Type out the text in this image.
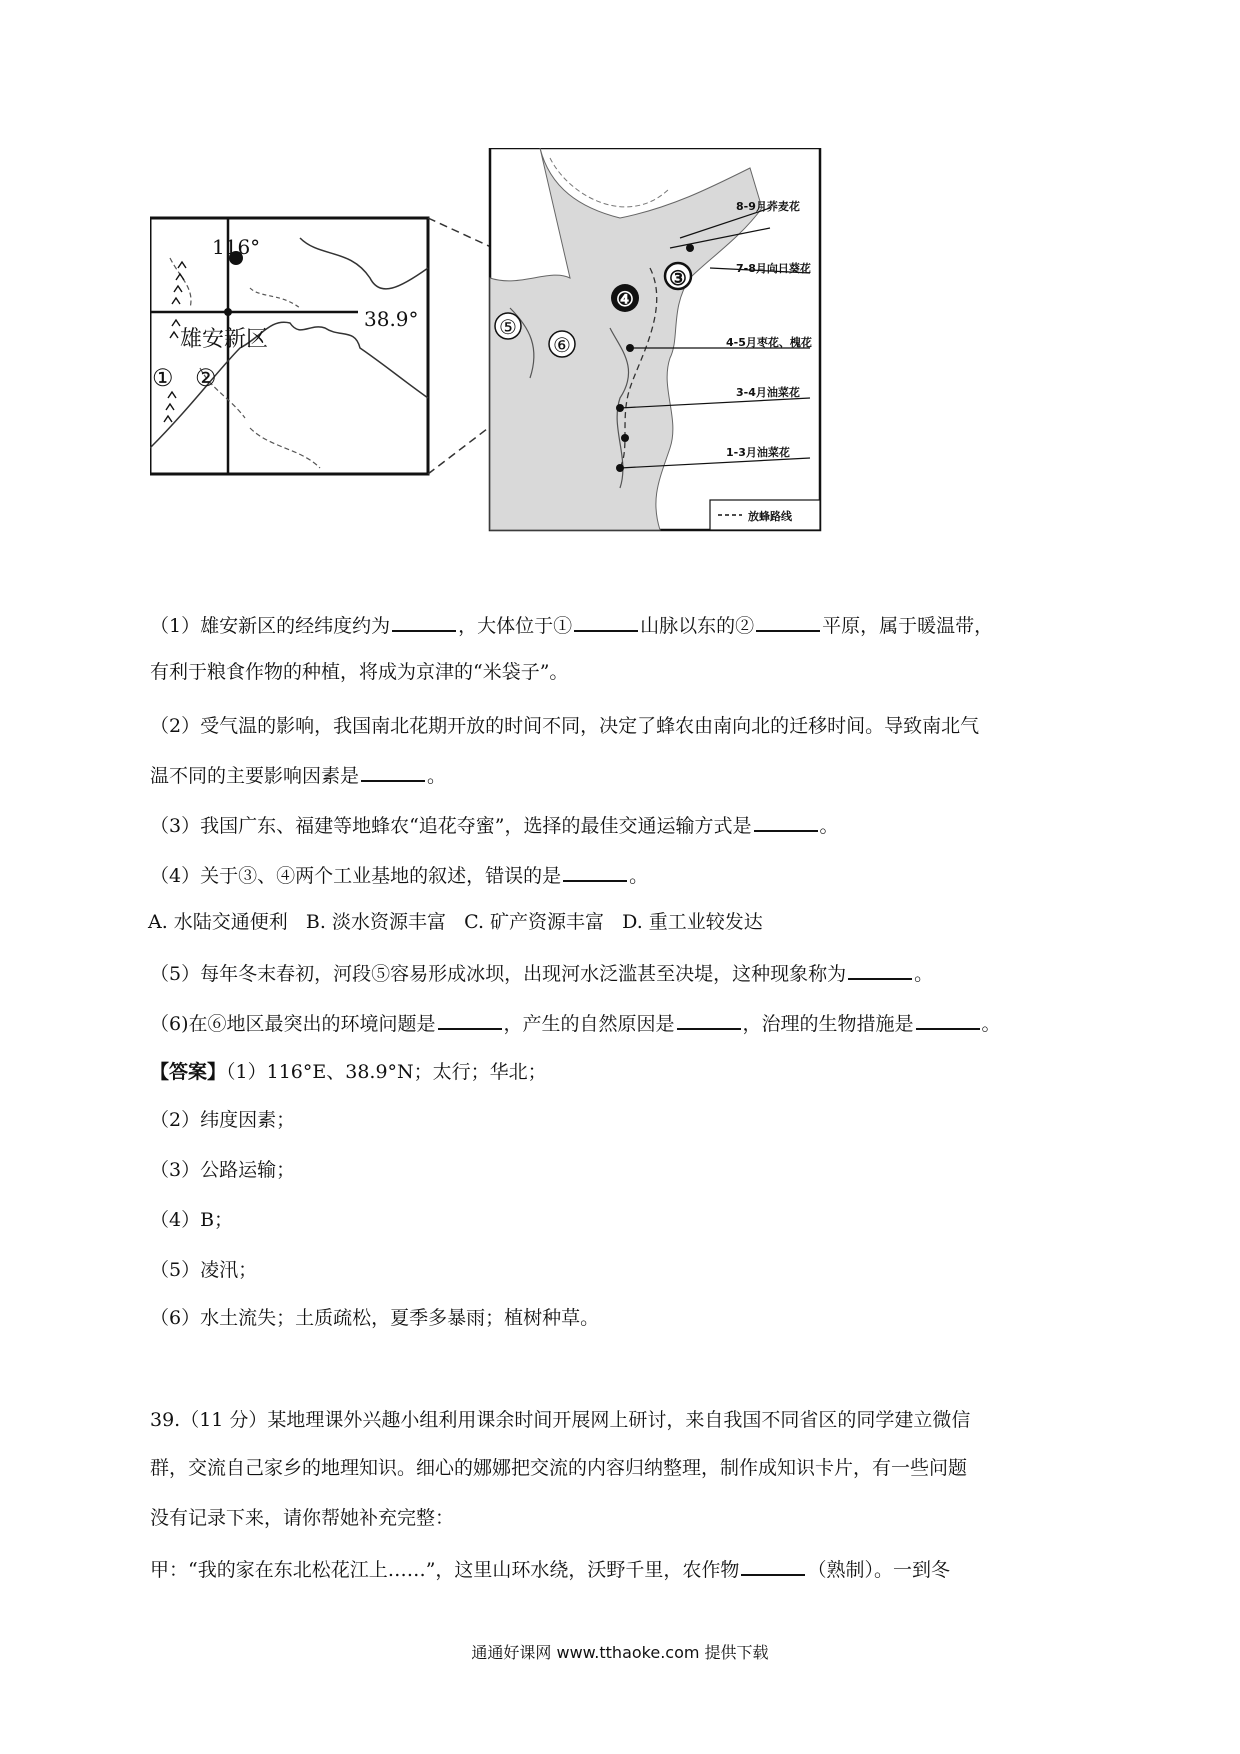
116°
38.9°
雄安新区
① ②
③
④
⑤
⑥
8-9月荞麦花
7-8月向日葵花
4-5月枣花、槐花
3-4月油菜花
1-3月油菜花
放蜂路线
（1）雄安新区的经纬度约为	，大体位于①	山脉以东的②	平原，属于暖温带，
有利于粮食作物的种植，将成为京津的“米袋子”。
（2）受气温的影响，我国南北花期开放的时间不同，决定了蜂农由南向北的迁移时间。导致南北气
温不同的主要影响因素是	。
（3）我国广东、福建等地蜂农“追花夺蜜”，选择的最佳交通运输方式是	。
（4）关于③、④两个工业基地的叙述，错误的是	。
A. 水陆交通便利   B. 淡水资源丰富   C. 矿产资源丰富   D. 重工业较发达
（5）每年冬末春初，河段⑤容易形成冰坝，出现河水泛滥甚至决堤，这种现象称为	。
（6)在⑥地区最突出的环境问题是	，产生的自然原因是	，治理的生物措施是	。
【答案】（1）116°E、38.9°N；太行；华北；
（2）纬度因素；
（3）公路运输；
（4）B；
（5）凌汛；
（6）水土流失；土质疏松，夏季多暴雨；植树种草。
39.（11 分）某地理课外兴趣小组利用课余时间开展网上研讨，来自我国不同省区的同学建立微信
群，交流自己家乡的地理知识。细心的娜娜把交流的内容归纳整理，制作成知识卡片，有一些问题
没有记录下来，请你帮她补充完整：
甲：“我的家在东北松花江上……”，这里山环水绕，沃野千里，农作物	（熟制）。一到冬
通通好课网 www.tthaoke.com 提供下载
